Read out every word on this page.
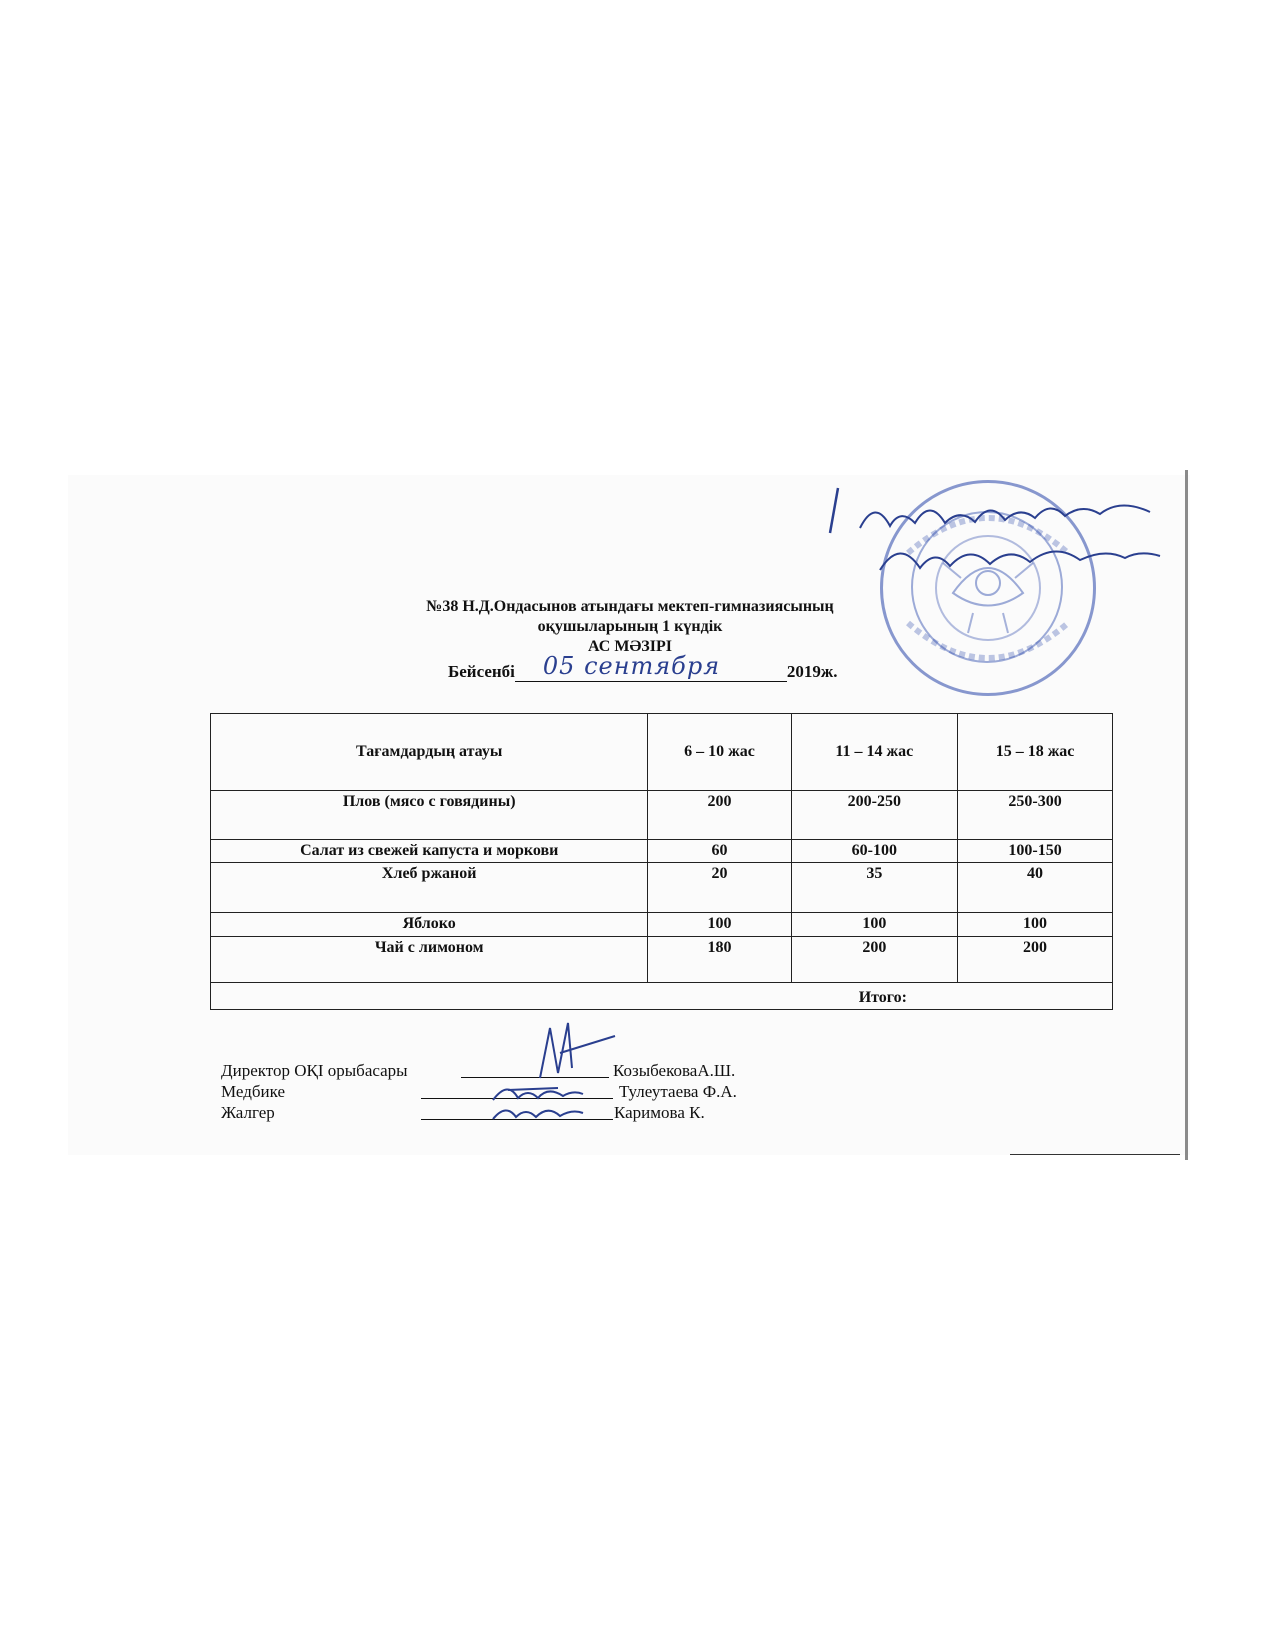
№38 Н.Д.Ондасынов атындағы мектеп-гимназиясының
оқушыларының 1 күндік
АС МӘЗІРІ
Бейсенбі 05 сентября	2019ж.
Тағамдардың атауы	6 – 10 жас	11 – 14 жас	15 – 18 жас
Плов (мясо с говядины)	200	200-250	250-300
Салат из свежей капуста и моркови	60	60-100	100-150
Хлеб ржаной	20	35	40
Яблоко	100	100	100
Чай с лимоном	180	200	200
Итого:			
Директор ОҚІ орыбасары	КозыбековаА.Ш.
Медбике	Тулеутаева Ф.А.
Жалгер	Каримова К.
